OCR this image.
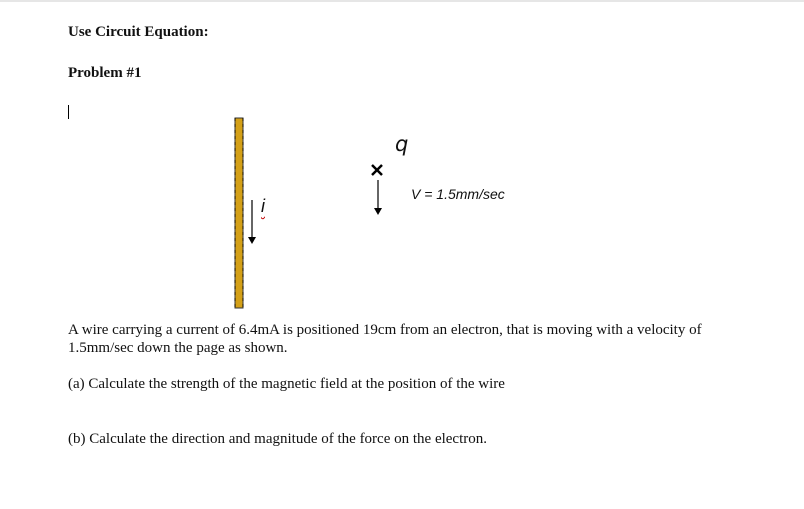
Use Circuit Equation:
Problem #1
q
V = 1.5mm/sec
i
A wire carrying a current of 6.4mA is positioned 19cm from an electron, that is moving with a velocity of 1.5mm/sec down the page as shown.
(a) Calculate the strength of the magnetic field at the position of the wire
(b) Calculate the direction and magnitude of the force on the electron.
